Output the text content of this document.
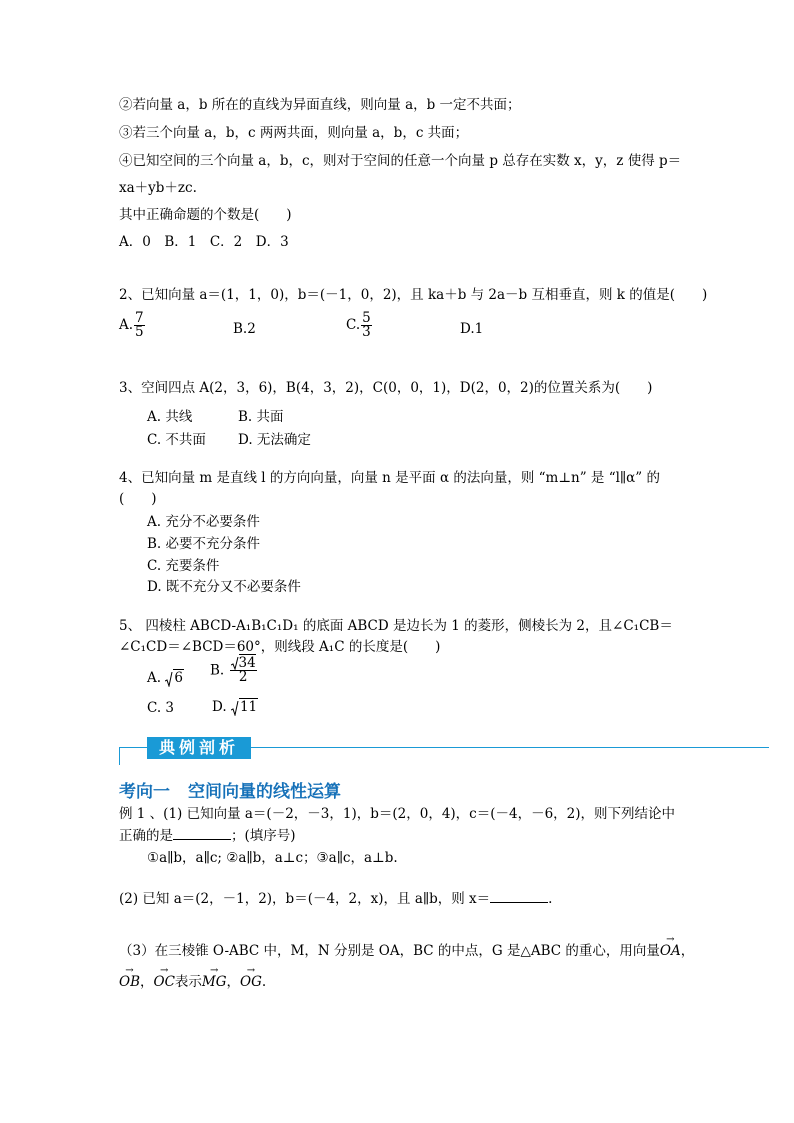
②若向量 a，b 所在的直线为异面直线，则向量 a，b 一定不共面；
③若三个向量 a，b，c 两两共面，则向量 a，b，c 共面；
④已知空间的三个向量 a，b，c，则对于空间的任意一个向量 p 总存在实数 x，y，z 使得 p＝
xa＋yb＋zc.
其中正确命题的个数是(　　)
A．0　B．1　C．2　D．3
2、已知向量 a＝(1，1，0)，b＝(－1，0，2)，且 ka＋b 与 2a－b 互相垂直，则 k 的值是(　　)
A. $\frac{7}{5}$	B.2	C. $\frac{5}{3}$	D.1
3、空间四点 A(2，3，6)，B(4，3，2)，C(0，0，1)，D(2，0，2)的位置关系为(　　)
A. 共线	B. 共面
C. 不共面 D. 无法确定
4、已知向量 m 是直线 l 的方向向量，向量 n 是平面 α 的法向量，则 “m⊥n” 是 “l∥α” 的
(　　)
A. 充分不必要条件
B. 必要不充分条件
C. 充要条件
D. 既不充分又不必要条件
5、 四棱柱 ABCD-A₁B₁C₁D₁ 的底面 ABCD 是边长为 1 的菱形，侧棱长为 2，且∠C₁CB＝
∠C₁CD＝∠BCD＝60°，则线段 A₁C 的长度是(　　)
A. 6 B. $\frac{34}{2}$
C. 3	D. 11
典例剖析
考向一 空间向量的线性运算
例 1 、(1) 已知向量 a＝(－2，－3，1)，b＝(2，0，4)，c＝(－4，－6，2)，则下列结论中
正确的是	；(填序号)
①a∥b，a∥c; ②a∥b，a⊥c；③a∥c，a⊥b.
(2) 已知 a＝(2，－1，2)，b＝(－4，2，x)，且 a∥b，则 x＝	.
（3）在三棱锥 O-ABC 中，M，N 分别是 OA，BC 的中点，G 是△ABC 的重心，用向量→ OA，
→ OB，→ OC表示→ MG，→ OG.
